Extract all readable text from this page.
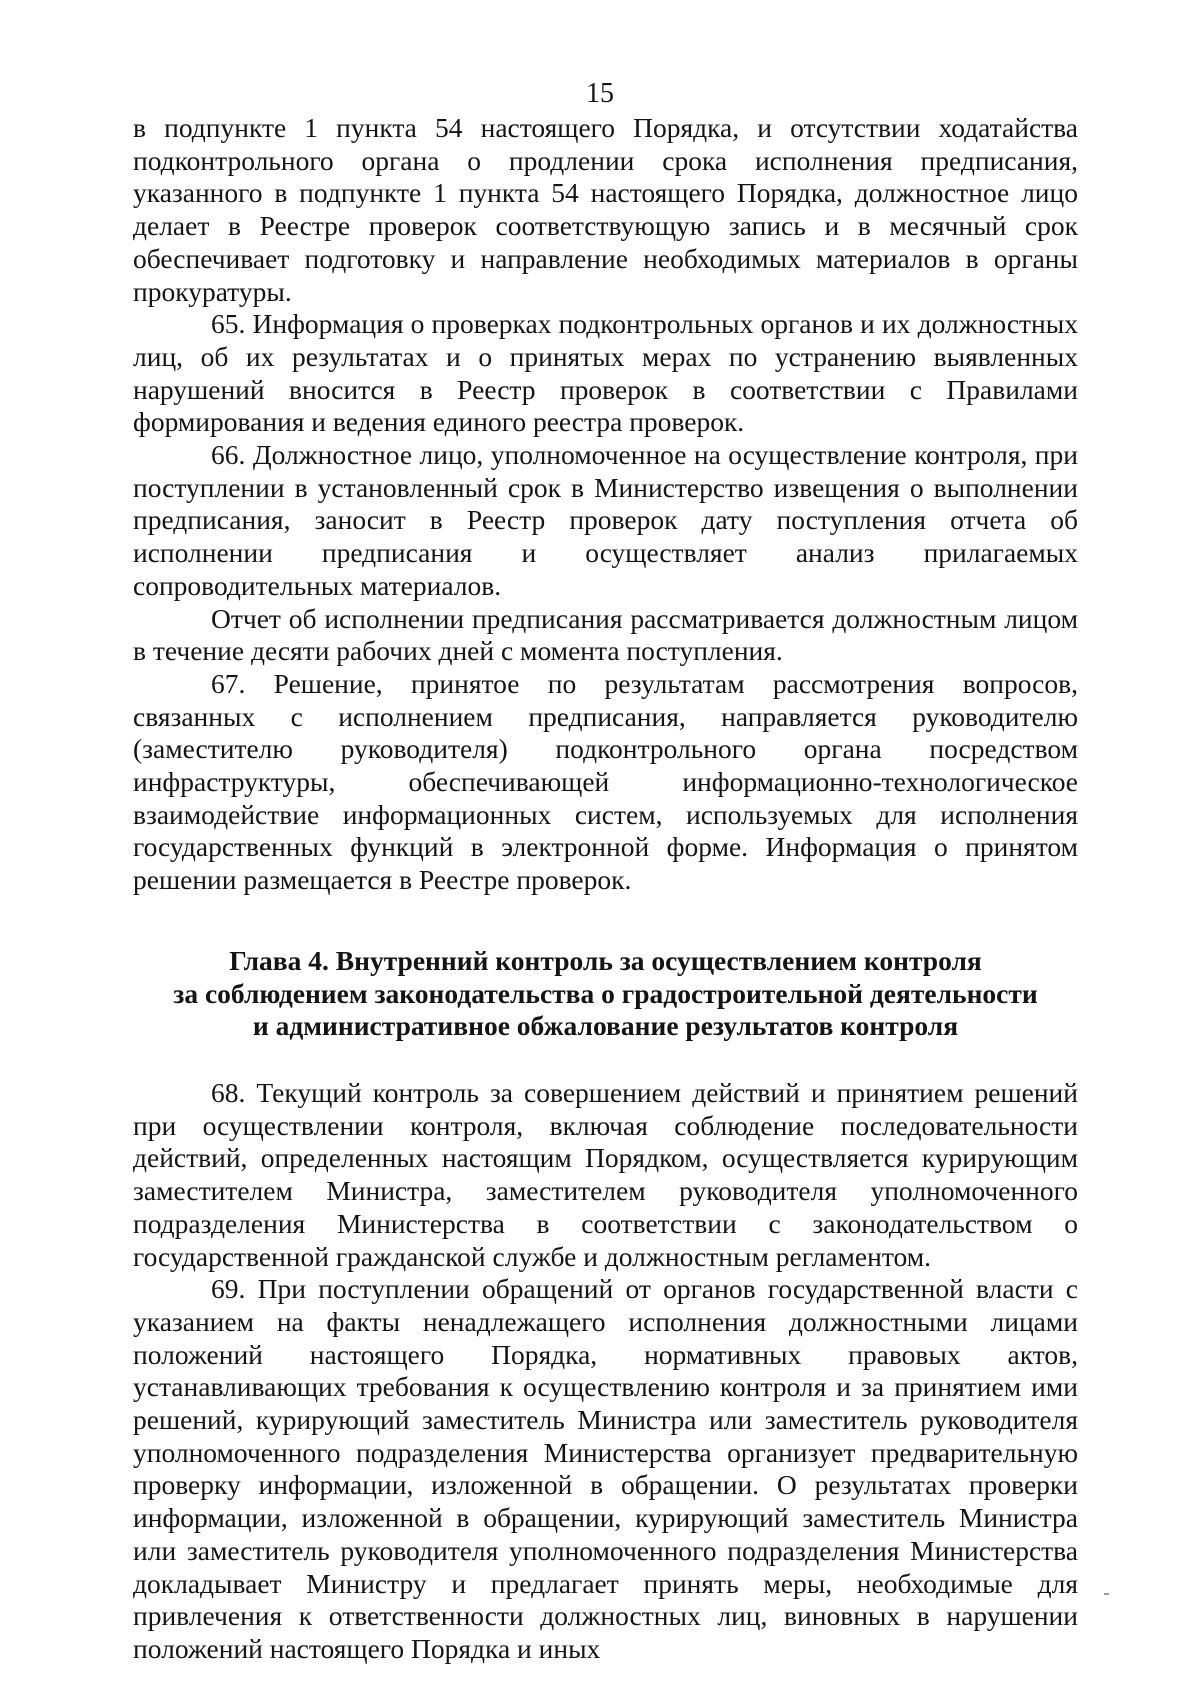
15

в подпункте 1 пункта 54 настоящего Порядка, и отсутствии ходатайства подконтрольного органа о продлении срока исполнения предписания, указанного в подпункте 1 пункта 54 настоящего Порядка, должностное лицо делает в Реестре проверок соответствующую запись и в месячный срок обеспечивает подготовку и направление необходимых материалов в органы прокуратуры.

65. Информация о проверках подконтрольных органов и их должностных лиц, об их результатах и о принятых мерах по устранению выявленных нарушений вносится в Реестр проверок в соответствии с Правилами формирования и ведения единого реестра проверок.

66. Должностное лицо, уполномоченное на осуществление контроля, при поступлении в установленный срок в Министерство извещения о выполнении предписания, заносит в Реестр проверок дату поступления отчета об исполнении предписания и осуществляет анализ прилагаемых сопроводительных материалов.

Отчет об исполнении предписания рассматривается должностным лицом в течение десяти рабочих дней с момента поступления.

67. Решение, принятое по результатам рассмотрения вопросов, связанных с исполнением предписания, направляется руководителю (заместителю руководителя) подконтрольного органа посредством инфраструктуры, обеспечивающей информационно-технологическое взаимодействие информационных систем, используемых для исполнения государственных функций в электронной форме. Информация о принятом решении размещается в Реестре проверок.

Глава 4. Внутренний контроль за осуществлением контроля
за соблюдением законодательства о градостроительной деятельности
и административное обжалование результатов контроля

68. Текущий контроль за совершением действий и принятием решений при осуществлении контроля, включая соблюдение последовательности действий, определенных настоящим Порядком, осуществляется курирующим заместителем Министра, заместителем руководителя уполномоченного подразделения Министерства в соответствии с законодательством о государственной гражданской службе и должностным регламентом.

69. При поступлении обращений от органов государственной власти с указанием на факты ненадлежащего исполнения должностными лицами положений настоящего Порядка, нормативных правовых актов, устанавливающих требования к осуществлению контроля и за принятием ими решений, курирующий заместитель Министра или заместитель руководителя уполномоченного подразделения Министерства организует предварительную проверку информации, изложенной в обращении. О результатах проверки информации, изложенной в обращении, курирующий заместитель Министра или заместитель руководителя уполномоченного подразделения Министерства докладывает Министру и предлагает принять меры, необходимые для привлечения к ответственности должностных лиц, виновных в нарушении положений настоящего Порядка и иных
